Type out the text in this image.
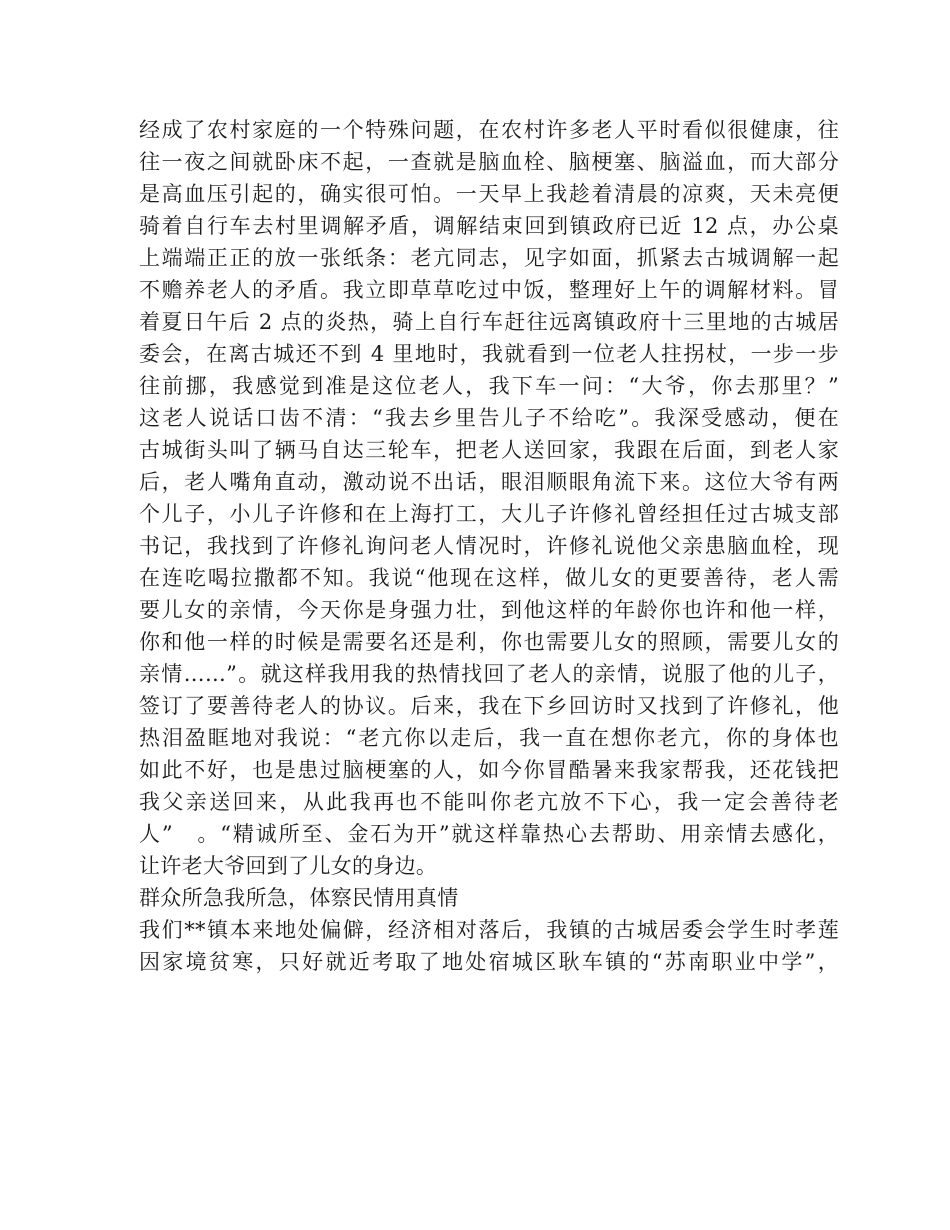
经成了农村家庭的一个特殊问题，在农村许多老人平时看似很健康，往
往一夜之间就卧床不起，一查就是脑血栓、脑梗塞、脑溢血，而大部分
是高血压引起的，确实很可怕。一天早上我趁着清晨的凉爽，天未亮便
骑着自行车去村里调解矛盾，调解结束回到镇政府已近 12 点，办公桌
上端端正正的放一张纸条：老亢同志，见字如面，抓紧去古城调解一起
不赡养老人的矛盾。我立即草草吃过中饭，整理好上午的调解材料。冒
着夏日午后 2 点的炎热，骑上自行车赶往远离镇政府十三里地的古城居
委会，在离古城还不到 4 里地时，我就看到一位老人拄拐杖，一步一步
往前挪，我感觉到准是这位老人，我下车一问：“大爷，你去那里？”
这老人说话口齿不清：“我去乡里告儿子不给吃”。我深受感动，便在
古城街头叫了辆马自达三轮车，把老人送回家，我跟在后面，到老人家
后，老人嘴角直动，激动说不出话，眼泪顺眼角流下来。这位大爷有两
个儿子，小儿子许修和在上海打工，大儿子许修礼曾经担任过古城支部
书记，我找到了许修礼询问老人情况时，许修礼说他父亲患脑血栓，现
在连吃喝拉撒都不知。我说“他现在这样，做儿女的更要善待，老人需
要儿女的亲情，今天你是身强力壮，到他这样的年龄你也许和他一样，
你和他一样的时候是需要名还是利，你也需要儿女的照顾，需要儿女的
亲情……”。就这样我用我的热情找回了老人的亲情，说服了他的儿子，
签订了要善待老人的协议。后来，我在下乡回访时又找到了许修礼，他
热泪盈眶地对我说：“老亢你以走后，我一直在想你老亢，你的身体也
如此不好，也是患过脑梗塞的人，如今你冒酷暑来我家帮我，还花钱把
我父亲送回来，从此我再也不能叫你老亢放不下心，我一定会善待老
人”　。“精诚所至、金石为开”就这样靠热心去帮助、用亲情去感化，
让许老大爷回到了儿女的身边。
群众所急我所急，体察民情用真情
我们**镇本来地处偏僻，经济相对落后，我镇的古城居委会学生时孝莲
因家境贫寒，只好就近考取了地处宿城区耿车镇的“苏南职业中学”，
